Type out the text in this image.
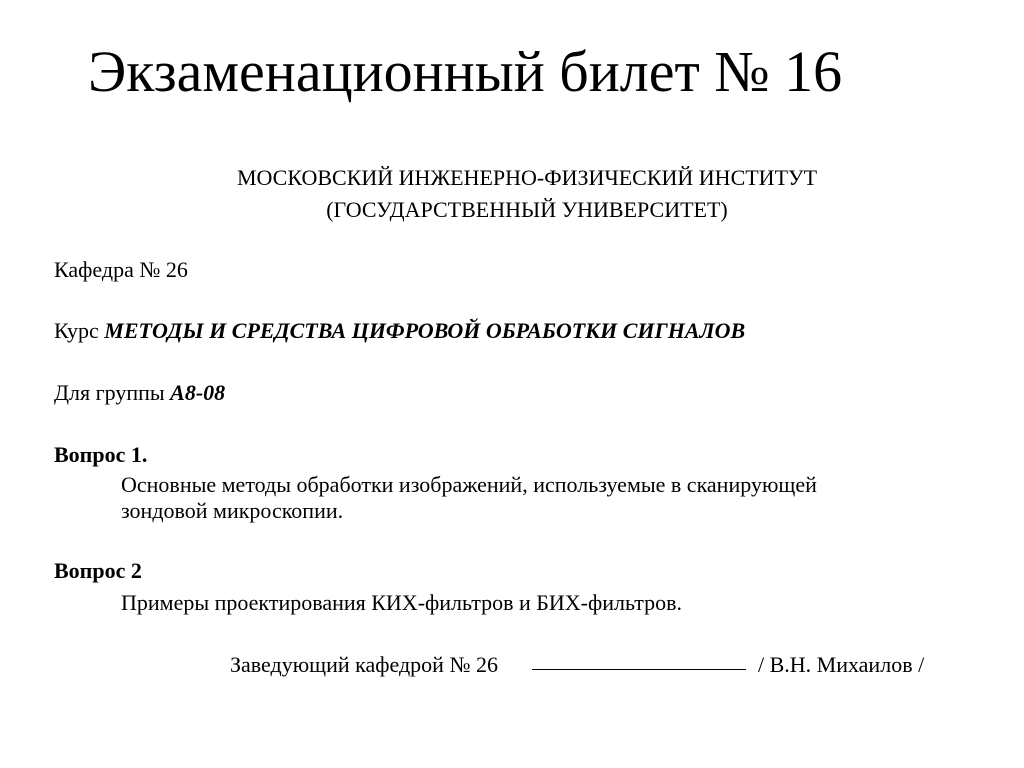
Экзаменационный билет № 16
МОСКОВСКИЙ ИНЖЕНЕРНО-ФИЗИЧЕСКИЙ ИНСТИТУТ
(ГОСУДАРСТВЕННЫЙ УНИВЕРСИТЕТ)
Кафедра № 26
Курс МЕТОДЫ И СРЕДСТВА ЦИФРОВОЙ ОБРАБОТКИ СИГНАЛОВ
Для группы А8-08
Вопрос 1.
Основные методы обработки изображений, используемые в сканирующей
зондовой микроскопии.
Вопрос 2
Примеры проектирования КИХ-фильтров и БИХ-фильтров.
Заведующий кафедрой № 26	/ В.Н. Михаилов /
